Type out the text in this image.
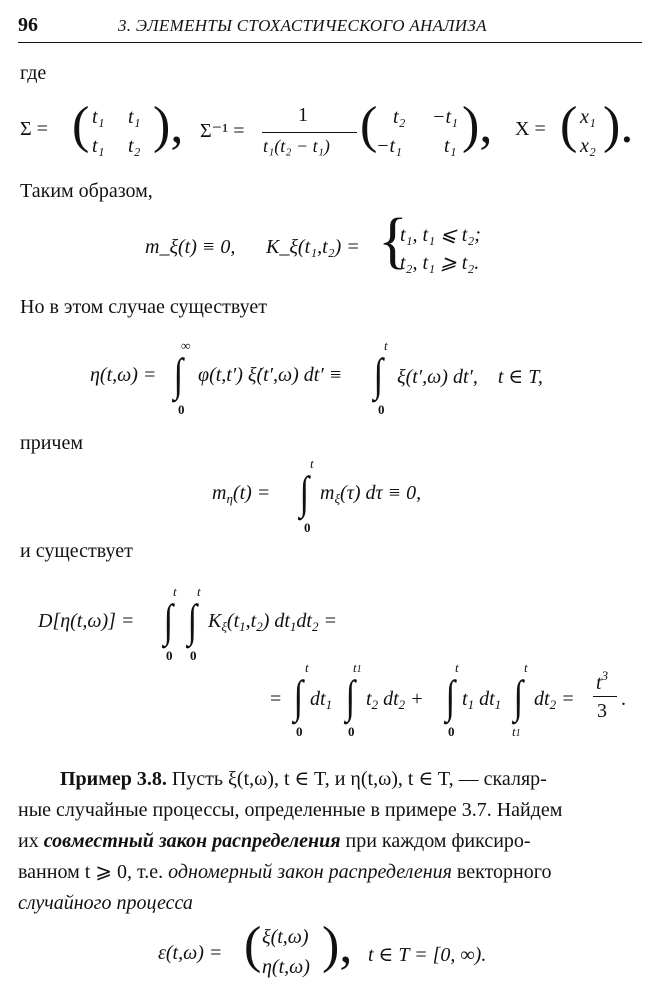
96	3. ЭЛЕМЕНТЫ СТОХАСТИЧЕСКОГО АНАЛИЗА
где
Σ = ( t₁ t₁
t₁ t₂ ), Σ⁻¹ =
1
t₁(t₂ − t₁) ( t₂ −t₁
−t₁ t₁ ), X = ( x₁
x₂ ).
Таким образом,
m_ξ(t) ≡ 0, K_ξ(t₁,t₂) = {
t₁, t₁ ⩽ t₂;
t₂, t₁ ⩾ t₂.
Но в этом случае существует
η(t,ω) =
∞
∫
0
φ(t,t′) ξ̇(t′,ω) dt′ ≡
t
∫
0
ξ(t′,ω) dt′,    t ∈ T,
причем
$m_\eta(t)$ =
t
∫
0
$m_\xi(\tau) d\tau \equiv 0$,
и существует
D[η(t,ω)] =
t
∫
0
t
∫
0
$K_\xi(t_1,t_2) dt_1dt_2$ =
=
t
∫
0
$dt_1$
t1
∫
0
$t_2$ $dt_2$ +
t
∫
0
$t_1$ $dt_1$
t
∫
t1
$dt_2$ =
$t^3$
3
.
Пример 3.8. Пусть ξ(t,ω), t ∈ T, и η(t,ω), t ∈ T, — скаляр-
ные случайные процессы, определенные в примере 3.7. Найдем
их совместный закон распределения при каждом фиксиро-
ванном t ⩾ 0, т.е. одномерный закон распределения векторного
случайного процесса
ε(t,ω) = ( ξ(t,ω)
η(t,ω) ), t ∈ T = [0, ∞).
